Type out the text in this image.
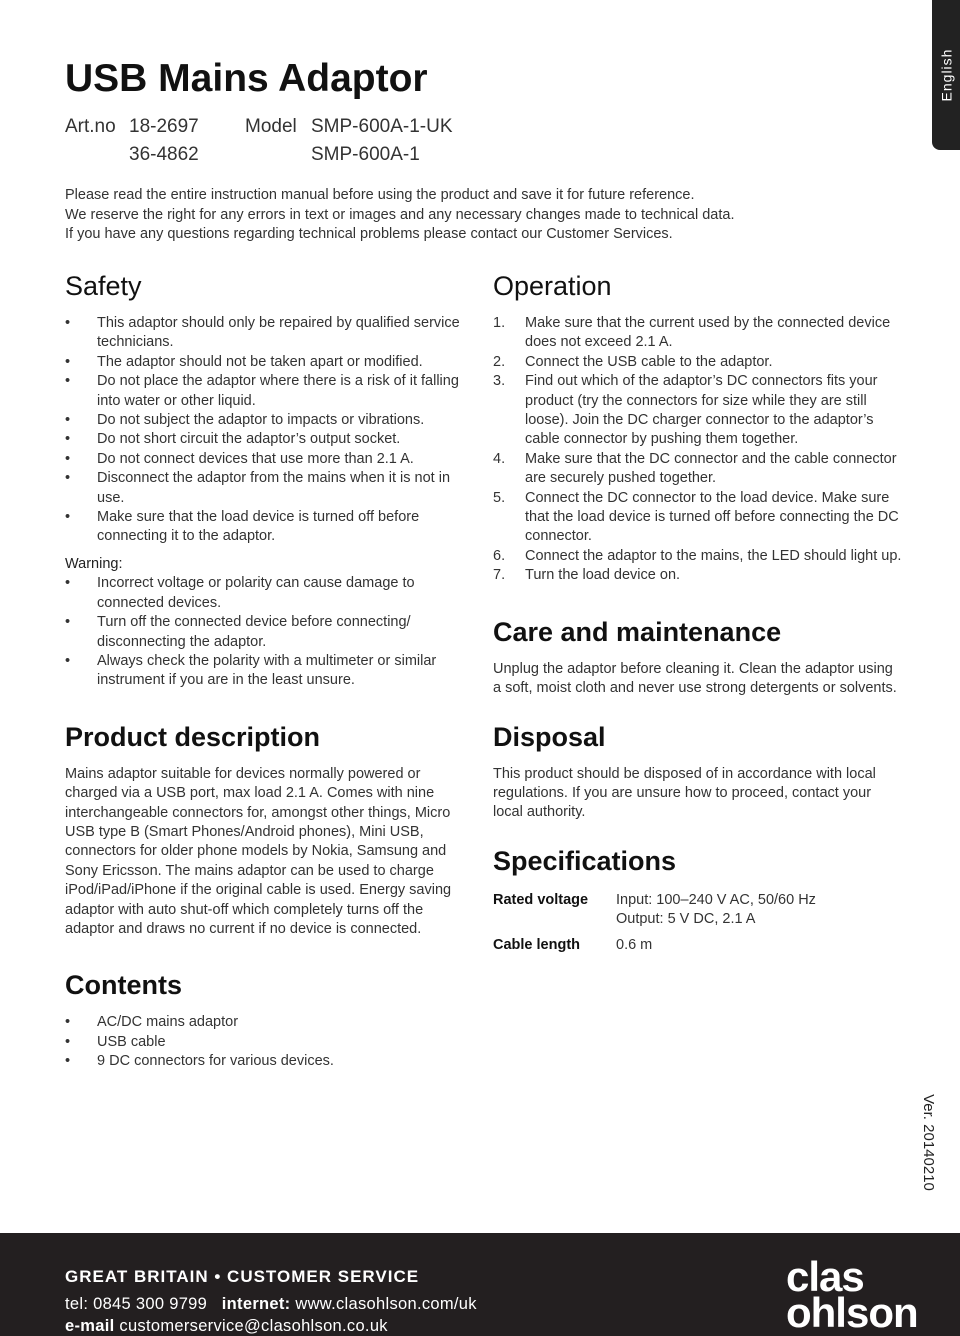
English
USB Mains Adaptor
Art.no 18-2697	Model SMP-600A-1-UK
36-4862	SMP-600A-1

Please read the entire instruction manual before using the product and save it for future reference.

We reserve the right for any errors in text or images and any necessary changes made to technical data.

If you have any questions regarding technical problems please contact our Customer Services.

Safety
• This adaptor should only be repaired by qualified service technicians.
• The adaptor should not be taken apart or modified.
• Do not place the adaptor where there is a risk of it falling into water or other liquid.
• Do not subject the adaptor to impacts or vibrations.
• Do not short circuit the adaptor’s output socket.
• Do not connect devices that use more than 2.1 A.
• Disconnect the adaptor from the mains when it is not in use.
• Make sure that the load device is turned off before connecting it to the adaptor.
Warning:
• Incorrect voltage or polarity can cause damage to connected devices.
• Turn off the connected device before connecting/ disconnecting the adaptor.
• Always check the polarity with a multimeter or similar instrument if you are in the least unsure.
Product description

Mains adaptor suitable for devices normally powered or charged via a USB port, max load 2.1 A. Comes with nine interchangeable connectors for, amongst other things, Micro USB type B (Smart Phones/Android phones), Mini USB, connectors for older phone models by Nokia, Samsung and Sony Ericsson. The mains adaptor can be used to charge iPod/iPad/iPhone if the original cable is used. Energy saving adaptor with auto shut-off which completely turns off the adaptor and draws no current if no device is connected.

Contents
• AC/DC mains adaptor
• USB cable
• 9 DC connectors for various devices.
Operation
1. Make sure that the current used by the connected device does not exceed 2.1 A.
2. Connect the USB cable to the adaptor.
3. Find out which of the adaptor’s DC connectors fits your product (try the connectors for size while they are still loose). Join the DC charger connector to the adaptor’s cable connector by pushing them together.
4. Make sure that the DC connector and the cable connector are securely pushed together.
5. Connect the DC connector to the load device. Make sure that the load device is turned off before connecting the DC connector.
6. Connect the adaptor to the mains, the LED should light up.
7. Turn the load device on.
Care and maintenance

Unplug the adaptor before cleaning it. Clean the adaptor using a soft, moist cloth and never use strong detergents or solvents.

Disposal

This product should be disposed of in accordance with local regulations. If you are unsure how to proceed, contact your local authority.

Specifications
Rated voltage	Input: 100–240 V AC, 50/60 Hz
Output: 5 V DC, 2.1 A
Cable length	0.6 m
Ver. 20140210
GREAT BRITAIN • CUSTOMER SERVICE
tel: 0845 300 9799 internet: www.clasohlson.com/uk
e-mail customerservice@clasohlson.co.uk
clas
ohlson
